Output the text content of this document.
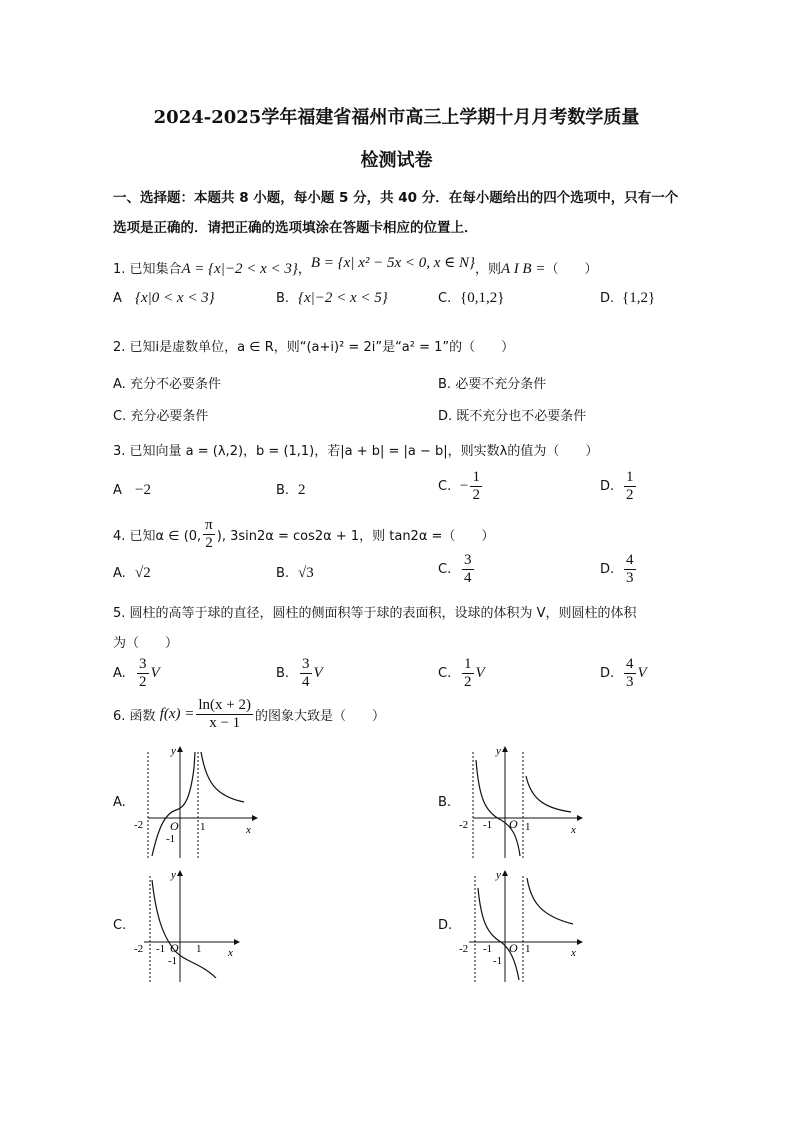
2024-2025学年福建省福州市高三上学期十月月考数学质量
检测试卷
一、选择题：本题共 8 小题，每小题 5 分，共 40 分．在每小题给出的四个选项中，只有一个
选项是正确的．请把正确的选项填涂在答题卡相应的位置上．
1. 已知集合A = {x|−2 < x < 3}，B = {x| x² − 5x < 0, x ∈ N}，则A I B =（　　）
A {x|0 < x < 3}	B. {x|−2 < x < 5}	C. {0,1,2}	D. {1,2}
2. 已知i是虚数单位，a ∈ R，则“(a+i)² = 2i”是“a² = 1”的（　　）
A. 充分不必要条件	B. 必要不充分条件
C. 充分必要条件	D. 既不充分也不必要条件
3. 已知向量 a = (λ,2)，b = (1,1)，若|a + b| = |a − b|，则实数λ的值为（　　）
A −2	B. 2	C. − $\frac{1}{2}$	D. $\frac{1}{2}$
4. 已知α ∈ (0, $\frac{\pi}{2}$ ), 3sin2α = cos2α + 1，则 tan2α =（　　）
A. √2	B. √3	C. $\frac{3}{4}$	D. $\frac{4}{3}$
5. 圆柱的高等于球的直径，圆柱的侧面积等于球的表面积，设球的体积为 V，则圆柱的体积
为（　　）
A. $\frac{3}{2}$ V	B. $\frac{3}{4}$ V	C. $\frac{1}{2}$ V	D. $\frac{4}{3}$ V
6. 函数
$f(x) = \frac{\ln(x + 2)}{x - 1}$ 的图象大致是（　　）
A.	B.
C.	D.
y
x
O 1
-2
-1
y
x
O 1
-2 -1
y
x
O 1
-2 -1
-1
y
x
O 1
-2 -1
-1
